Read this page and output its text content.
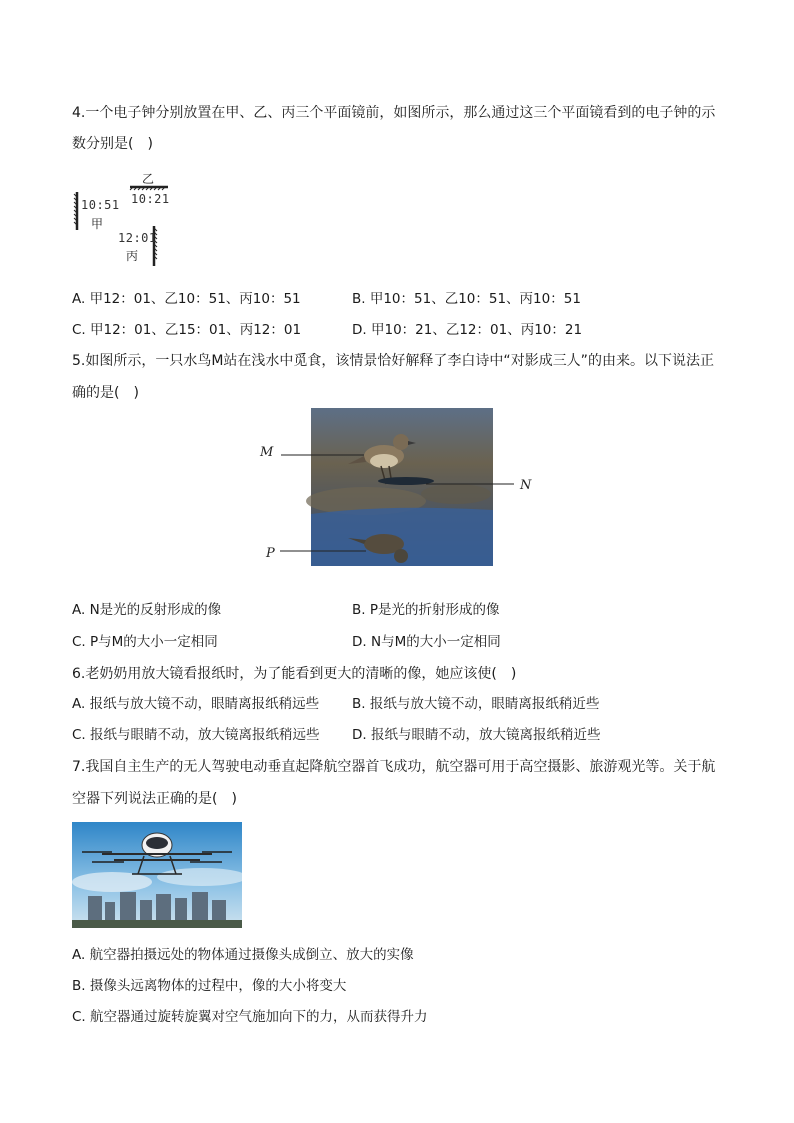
4.一个电子钟分别放置在甲、乙、丙三个平面镜前，如图所示，那么通过这三个平面镜看到的电子钟的示
数分别是(　)
乙
10:21
10:51
甲
12:01
丙
A. 甲12：01、乙10：51、丙10：51	B. 甲10：51、乙10：51、丙10：51
C. 甲12：01、乙15：01、丙12：01	D. 甲10：21、乙12：01、丙10：21
5.如图所示，一只水鸟M站在浅水中觅食，该情景恰好解释了李白诗中“对影成三人”的由来。以下说法正
确的是(　)
M
N
P
A. N是光的反射形成的像	B. P是光的折射形成的像
C. P与M的大小一定相同	D. N与M的大小一定相同
6.老奶奶用放大镜看报纸时，为了能看到更大的清晰的像，她应该使(　)
A. 报纸与放大镜不动，眼睛离报纸稍远些 B. 报纸与放大镜不动，眼睛离报纸稍近些
C. 报纸与眼睛不动，放大镜离报纸稍远些 D. 报纸与眼睛不动，放大镜离报纸稍近些
7.我国自主生产的无人驾驶电动垂直起降航空器首飞成功，航空器可用于高空摄影、旅游观光等。关于航
空器下列说法正确的是(　)
A. 航空器拍摄远处的物体通过摄像头成倒立、放大的实像
B. 摄像头远离物体的过程中，像的大小将变大
C. 航空器通过旋转旋翼对空气施加向下的力，从而获得升力
